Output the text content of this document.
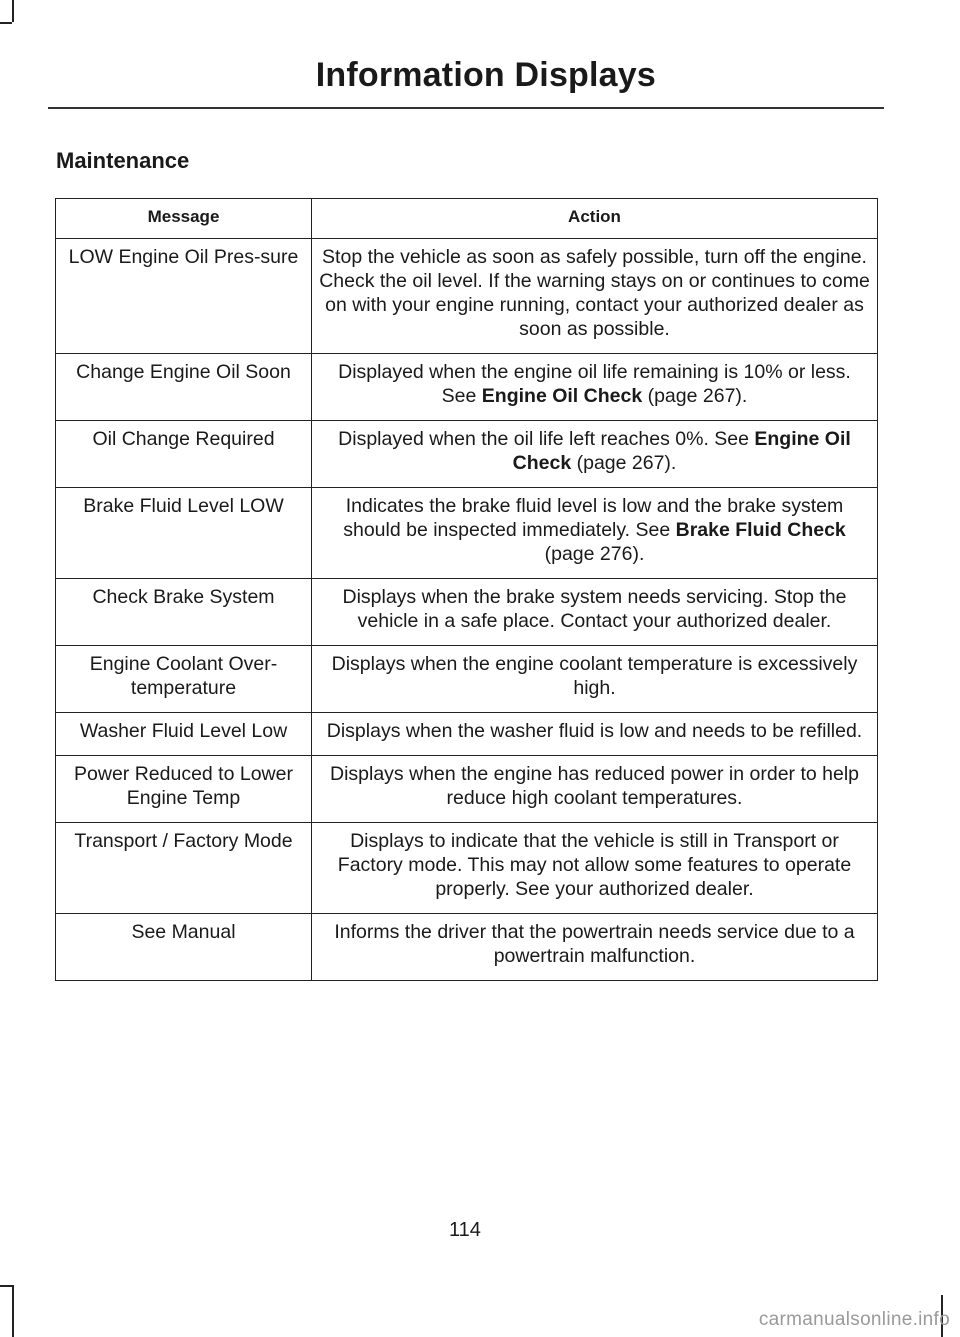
Information Displays
Maintenance
Message	Action
LOW Engine Oil Pres-sure	Stop the vehicle as soon as safely possible, turn off the engine. Check the oil level. If the warning stays on or continues to come on with your engine running, contact your authorized dealer as soon as possible.
Change Engine Oil Soon	Displayed when the engine oil life remaining is 10% or less. See Engine Oil Check (page 267).
Oil Change Required	Displayed when the oil life left reaches 0%. See Engine Oil Check (page 267).
Brake Fluid Level LOW	Indicates the brake fluid level is low and the brake system should be inspected immediately. See Brake Fluid Check (page 276).
Check Brake System	Displays when the brake system needs servicing. Stop the vehicle in a safe place. Contact your authorized dealer.
Engine Coolant Over-temperature	Displays when the engine coolant temperature is excessively high.
Washer Fluid Level Low	Displays when the washer fluid is low and needs to be refilled.
Power Reduced to Lower Engine Temp	Displays when the engine has reduced power in order to help reduce high coolant temperatures.
Transport / Factory Mode	Displays to indicate that the vehicle is still in Transport or Factory mode. This may not allow some features to operate properly. See your authorized dealer.
See Manual	Informs the driver that the powertrain needs service due to a powertrain malfunction.
114
carmanualsonline.info
